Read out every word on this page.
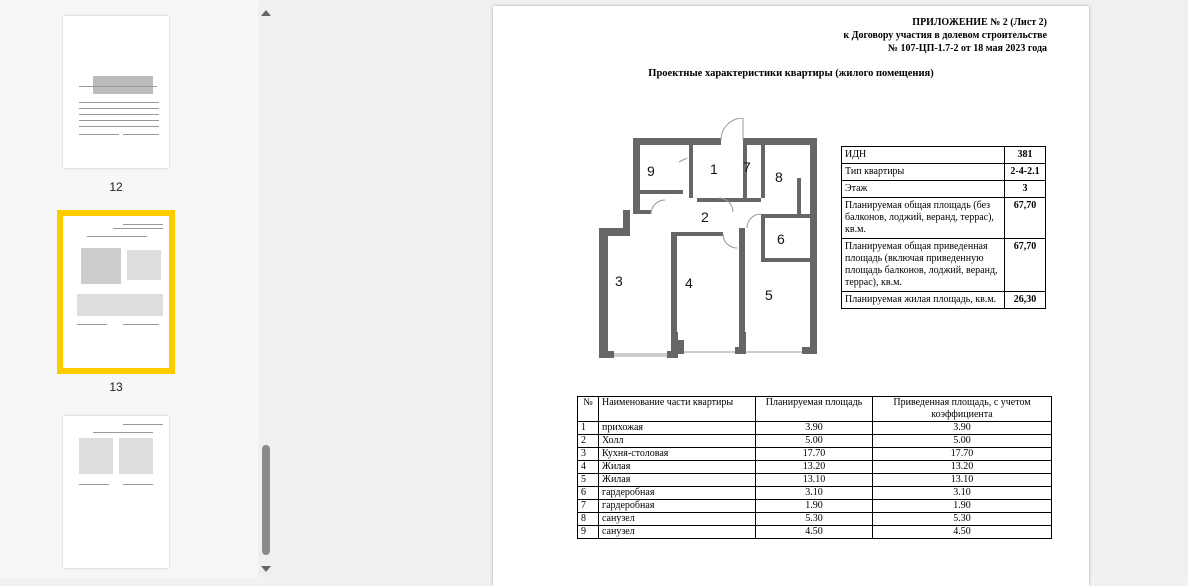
12
13
ПРИЛОЖЕНИЕ № 2 (Лист 2)
к Договору участия в долевом строительстве
№ 107-ЦП-1.7-2 от 18 мая 2023 года
Проектные характеристики квартиры (жилого помещения)
1
2
3	4
5
6
7
8
9
ИДН	381
Тип квартиры	2-4-2.1
Этаж	3
Планируемая общая площадь (без балконов, лоджий, веранд, террас), кв.м.	67,70
Планируемая общая приведенная площадь (включая приведенную площадь балконов, лоджий, веранд, террас), кв.м.	67,70
Планируемая жилая площадь, кв.м.	26,30
№	Наименование части квартиры	Планируемая площадь	Приведенная площадь, с учетом коэффициента
1	прихожая	3.90	3.90
2	Холл	5.00	5.00
3	Кухня-столовая	17.70	17.70
4	Жилая	13.20	13.20
5	Жилая	13.10	13.10
6	гардеробная	3.10	3.10
7	гардеробная	1.90	1.90
8	санузел	5.30	5.30
9	санузел	4.50	4.50
